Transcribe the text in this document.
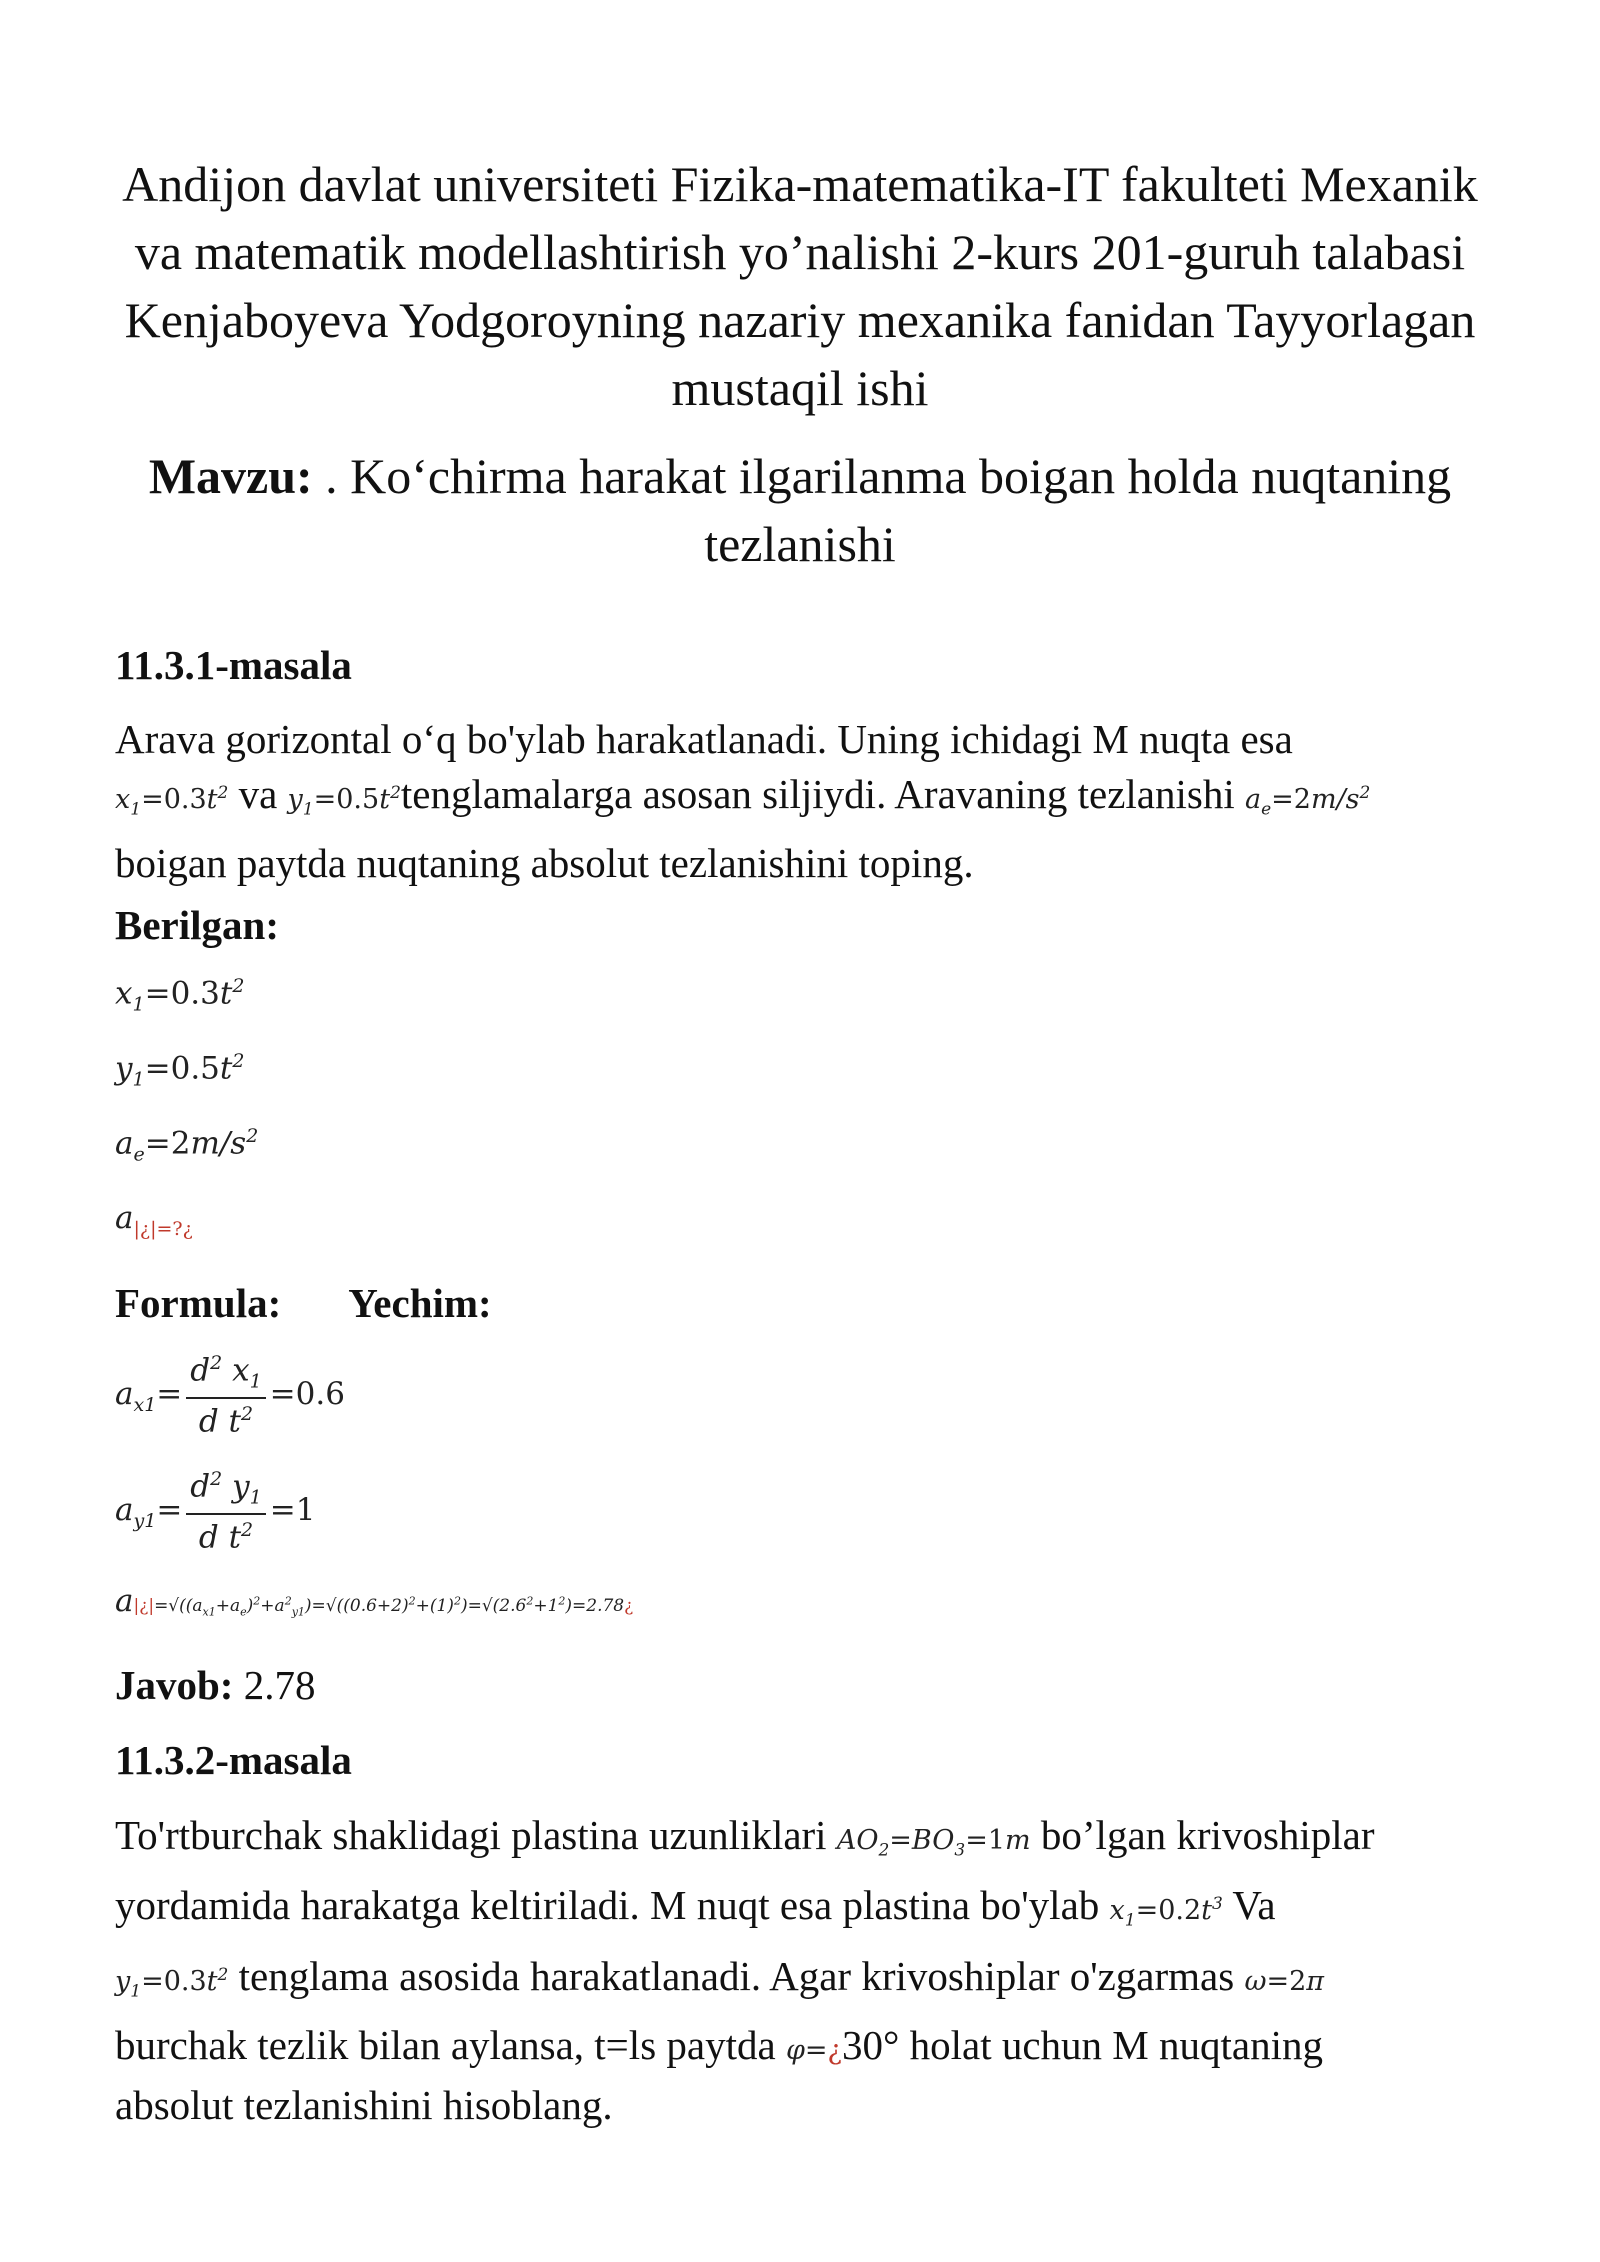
Andijon davlat universiteti Fizika-matematika-IT fakulteti Mexanik va matematik modellashtirish yo’nalishi 2-kurs 201-guruh talabasi Kenjaboyeva Yodgoroyning nazariy mexanika fanidan Tayyorlagan mustaqil ishi
Mavzu: . Ko‘chirma harakat ilgarilanma boigan holda nuqtaning tezlanishi
11.3.1-masala
Arava gorizontal o‘q bo'ylab harakatlanadi. Uning ichidagi M nuqta esa
$x_1=0.3t^2$ va $y_1=0.5t^2tenglamalarga$ asosan siljiydi. Aravaning tezlanishi $a_e=2m/s^2$
boigan paytda nuqtaning absolut tezlanishini toping.
Berilgan:
$x_1=0.3t^2$
$y_1=0.5t^2$
$a_e=2m/s^2$
$a_{|¿|=?¿}$
Formula: Yechim:
$a_{x1}= \frac{d^2 x_1}{d t^2} =0.6$
$a_{y1}= \frac{d^2 y_1}{d t^2} =1$
$a|¿|=√((a_{x1}+a_e)^2+a^2_{y1})=√((0.6+2)^2+(1)^2)=√(2.6^2+1^2)=2.78¿$
Javob: 2.78
11.3.2-masala
To'rtburchak shaklidagi plastina uzunliklari $AO_2=BO_3=1m$ bo’lgan krivoshiplar
yordamida harakatga keltiriladi. M nuqt esa plastina bo'ylab $x_1=0.2t^3$ Va
$y_1=0.3t^2$ tenglama asosida harakatlanadi. Agar krivoshiplar o'zgarmas ω=2π
burchak tezlik bilan aylansa, t=ls paytda φ=¿30° holat uchun M nuqtaning
absolut tezlanishini hisoblang.
